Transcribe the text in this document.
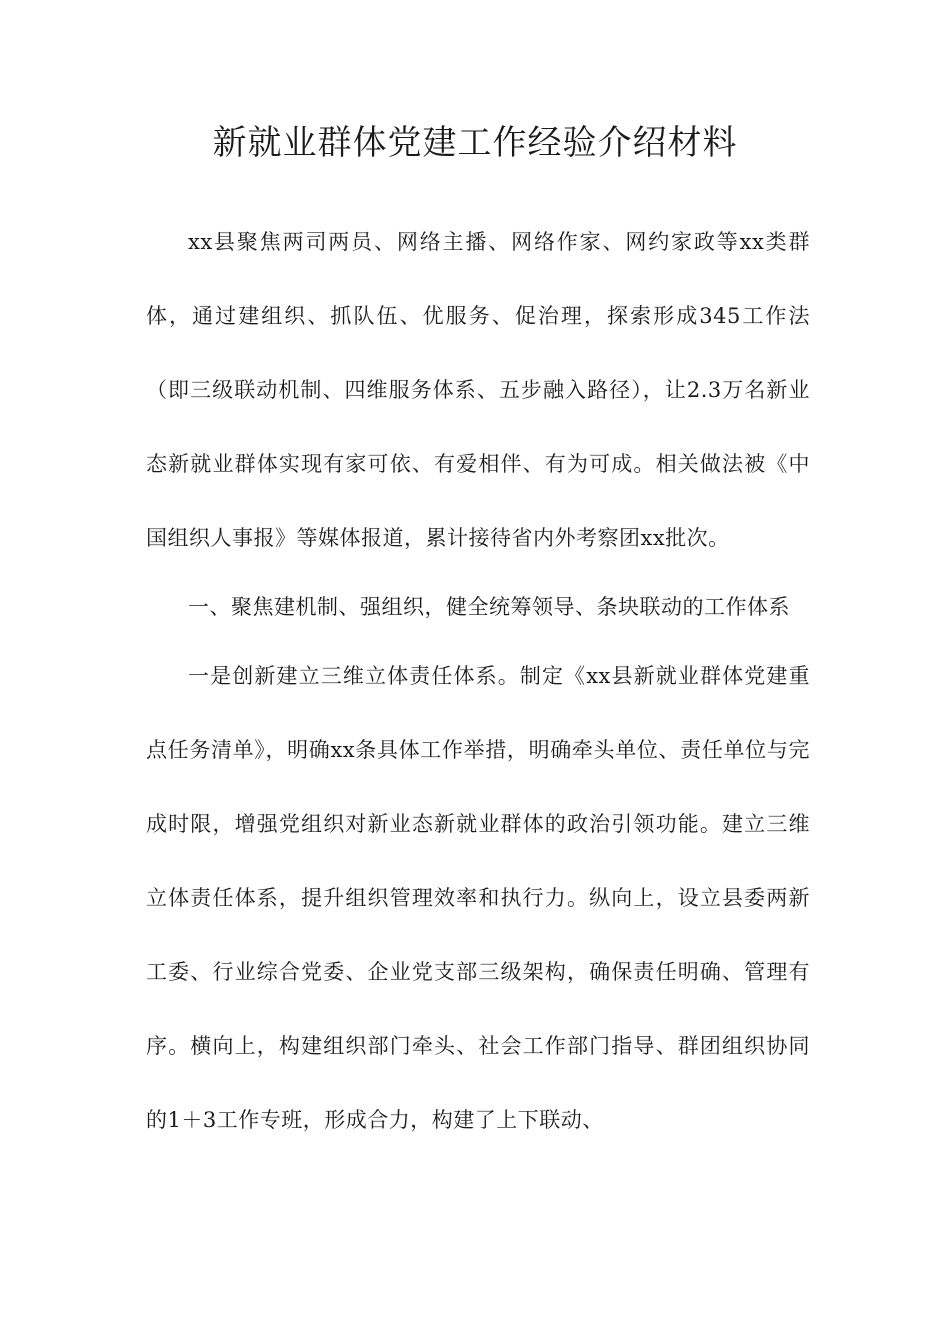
新就业群体党建工作经验介绍材料

xx县聚焦两司两员、网络主播、网络作家、网约家政等xx类群体，通过建组织、抓队伍、优服务、促治理，探索形成345工作法（即三级联动机制、四维服务体系、五步融入路径），让2.3万名新业态新就业群体实现有家可依、有爱相伴、有为可成。相关做法被《中国组织人事报》等媒体报道，累计接待省内外考察团xx批次。

一、聚焦建机制、强组织，健全统筹领导、条块联动的工作体系

一是创新建立三维立体责任体系。制定《xx县新就业群体党建重点任务清单》，明确xx条具体工作举措，明确牵头单位、责任单位与完成时限，增强党组织对新业态新就业群体的政治引领功能。建立三维立体责任体系，提升组织管理效率和执行力。纵向上，设立县委两新工委、行业综合党委、企业党支部三级架构，确保责任明确、管理有序。横向上，构建组织部门牵头、社会工作部门指导、群团组织协同的1＋3工作专班，形成合力，构建了上下联动、
